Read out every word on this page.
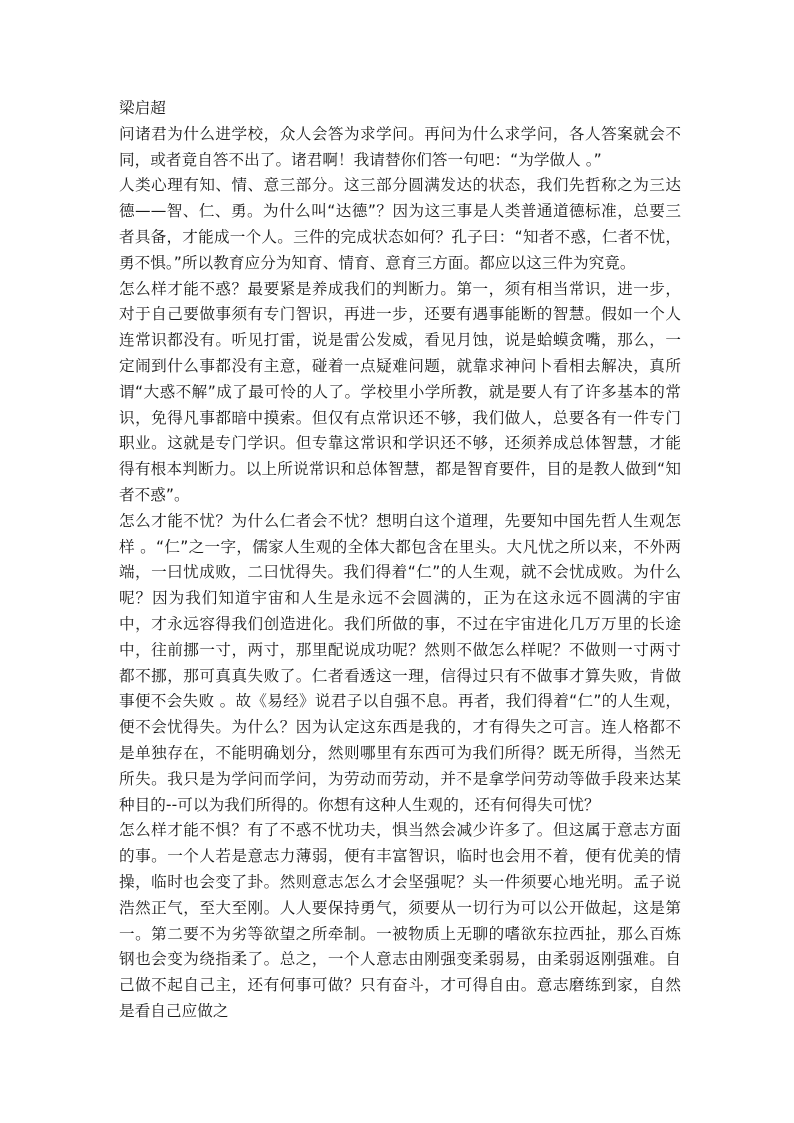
梁启超

问诸君为什么进学校，众人会答为求学问。再问为什么求学问，各人答案就会不同，或者竟自答不出了。诸君啊！我请替你们答一句吧：“为学做人 。”

人类心理有知、情、意三部分。这三部分圆满发达的状态，我们先哲称之为三达德——智、仁、勇。为什么叫“达德”？因为这三事是人类普通道德标准，总要三者具备，才能成一个人。三件的完成状态如何？孔子曰：“知者不惑，仁者不忧，勇不惧。”所以教育应分为知育、情育、意育三方面。都应以这三件为究竟。

怎么样才能不惑？最要紧是养成我们的判断力。第一，须有相当常识，进一步，对于自己要做事须有专门智识，再进一步，还要有遇事能断的智慧。假如一个人连常识都没有。听见打雷，说是雷公发威，看见月蚀，说是蛤蟆贪嘴，那么，一定闹到什么事都没有主意，碰着一点疑难问题，就靠求神问卜看相去解决，真所谓“大惑不解”成了最可怜的人了。学校里小学所教，就是要人有了许多基本的常识，免得凡事都暗中摸索。但仅有点常识还不够，我们做人，总要各有一件专门职业。这就是专门学识。但专靠这常识和学识还不够，还须养成总体智慧，才能得有根本判断力。以上所说常识和总体智慧，都是智育要件，目的是教人做到“知者不惑”。

怎么才能不忧？为什么仁者会不忧？想明白这个道理，先要知中国先哲人生观怎样 。“仁”之一字，儒家人生观的全体大都包含在里头。大凡忧之所以来，不外两端，一曰忧成败，二曰忧得失。我们得着“仁”的人生观，就不会忧成败。为什么呢？因为我们知道宇宙和人生是永远不会圆满的，正为在这永远不圆满的宇宙中，才永远容得我们创造进化。我们所做的事，不过在宇宙进化几万万里的长途中，往前挪一寸，两寸，那里配说成功呢？然则不做怎么样呢？不做则一寸两寸都不挪，那可真真失败了。仁者看透这一理，信得过只有不做事才算失败，肯做事便不会失败 。故《易经》说君子以自强不息。再者，我们得着“仁”的人生观，便不会忧得失。为什么？因为认定这东西是我的，才有得失之可言。连人格都不是单独存在，不能明确划分，然则哪里有东西可为我们所得？既无所得，当然无所失。我只是为学问而学问，为劳动而劳动，并不是拿学问劳动等做手段来达某种目的--可以为我们所得的。你想有这种人生观的，还有何得失可忧？

怎么样才能不惧？有了不惑不忧功夫，惧当然会减少许多了。但这属于意志方面的事。一个人若是意志力薄弱，便有丰富智识，临时也会用不着，便有优美的情操，临时也会变了卦。然则意志怎么才会坚强呢？头一件须要心地光明。孟子说浩然正气，至大至刚。人人要保持勇气，须要从一切行为可以公开做起，这是第一。第二要不为劣等欲望之所牵制。一被物质上无聊的嗜欲东拉西扯，那么百炼钢也会变为绕指柔了。总之，一个人意志由刚强变柔弱易，由柔弱返刚强难。自己做不起自己主，还有何事可做？只有奋斗，才可得自由。意志磨练到家，自然是看自己应做之
